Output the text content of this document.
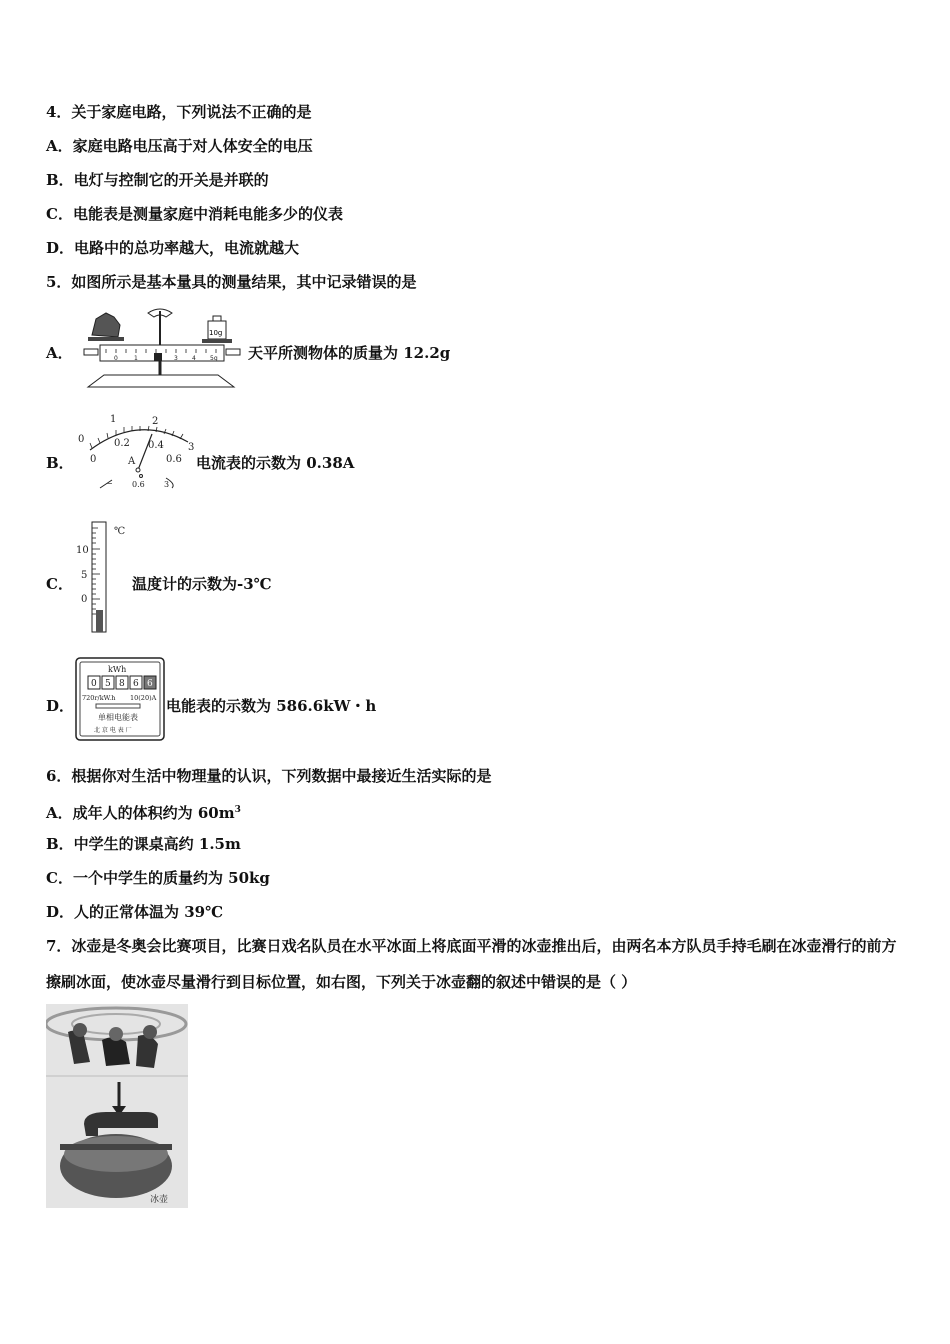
4．关于家庭电路，下列说法不正确的是
A．家庭电路电压高于对人体安全的电压
B．电灯与控制它的开关是并联的
C．电能表是测量家庭中消耗电能多少的仪表
D．电路中的总功率越大，电流就越大
5．如图所示是基本量具的测量结果，其中记录错误的是
A．
10g
0	1	3 4 5g 天平所测物体的质量为 12.2g
B．
0
1	2
3
0
0.2 0.4
0.6
A
− 0.6 3
电流表的示数为 0.38A
C．
10
5
0
℃
温度计的示数为-3℃
D．
kWh
0 5 8 6 6
720r/kW.h 10(20)A
单相电能表
北 京 电 表 厂
电能表的示数为 586.6kW・h
6．根据你对生活中物理量的认识，下列数据中最接近生活实际的是
A．成年人的体积约为 $60m^3$
B．中学生的课桌高约 1.5m
C．一个中学生的质量约为 50kg
D．人的正常体温为 39℃
7．冰壶是冬奥会比赛项目，比赛日戏名队员在水平冰面上将底面平滑的冰壶推出后，由两名本方队员手持毛刷在冰壶滑行的前方擦刷冰面，使冰壶尽量滑行到目标位置，如右图，下列关于冰壶翻的叙述中错误的是（ ）
冰壶
